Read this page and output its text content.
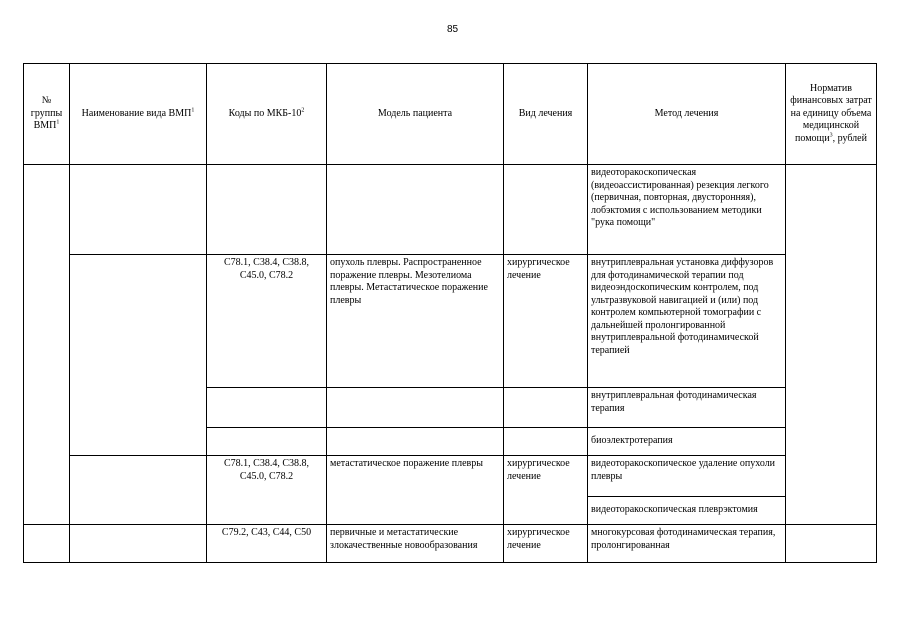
85
№ группы ВМП$^1$	Наименование вида ВМП$^1$	Коды по МКБ-$10^2$	Модель пациента	Вид лечения	Метод лечения	Норматив финансовых затрат на единицу объема медицинской помощи$^3$, рублей
					видеоторакоскопическая (видеоассистированная) резекция легкого (первичная, повторная, двусторонняя), лобэктомия с использованием методики "рука помощи"	
		C78.1, C38.4, C38.8, C45.0, C78.2	опухоль плевры. Распространенное поражение плевры. Мезотелиома плевры. Метастатическое поражение плевры	хирургическое лечение	внутриплевральная установка диффузоров для фотодинамической терапии под видеоэндоскопическим контролем, под ультразвуковой навигацией и (или) под контролем компьютерной томографии с дальнейшей пролонгированной внутриплевральной фотодинамической терапией	
					внутриплевральная фотодинамическая терапия	
					биоэлектротерапия	
		C78.1, C38.4, C38.8, C45.0, C78.2	метастатическое поражение плевры	хирургическое лечение	видеоторакоскопическое удаление опухоли плевры	
					видеоторакоскопическая плеврэктомия	
		C79.2, C43, C44, C50	первичные и метастатические злокачественные новообразования	хирургическое лечение	многокурсовая фотодинамическая терапия, пролонгированная	
